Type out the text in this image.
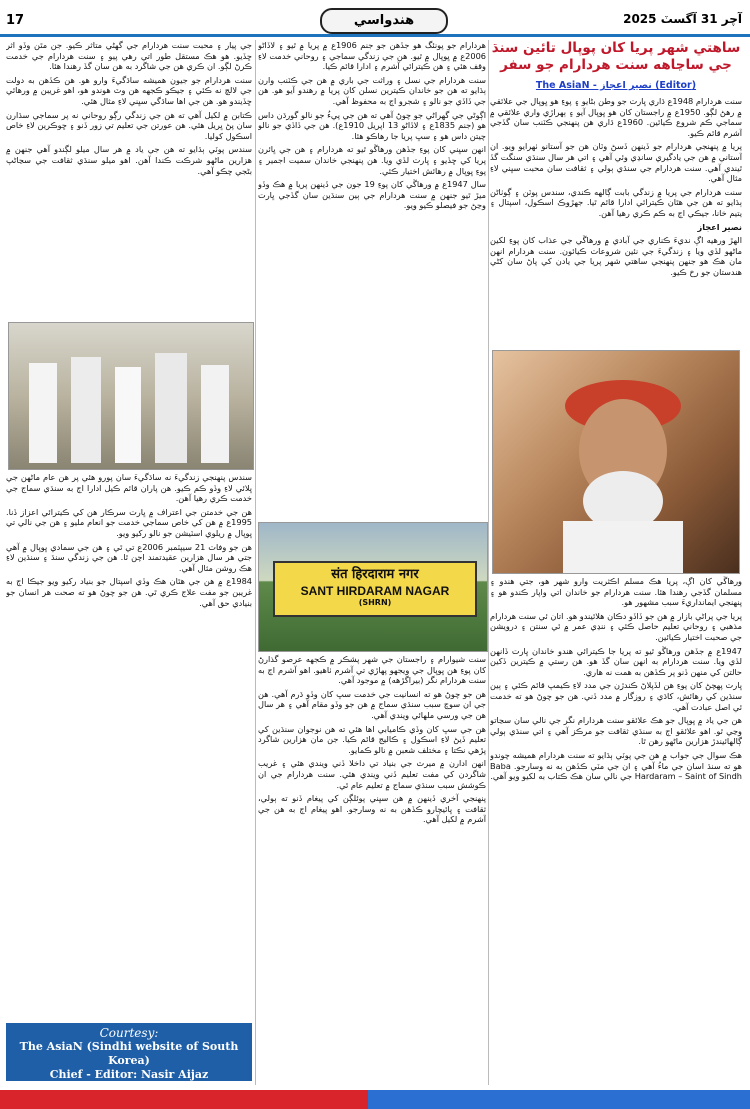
17	هندواسي	آچر 31 آگسٽ 2025
ساهتي شهر پريا کان پوپال تائين سنڌ جي ساڃاهه سنت هردارام جو سفر
(Editor) نصير اعجاز - The AsiaN

سنت هردارام 1948ع ڌاري ڀارت جو وطن بڻايو ۽ پوءِ هو ڀوپال جي علائقي ۾ رهڻ لڳو. 1950ع ۾ راجستان کان هو ڀوپال آيو ۽ ٻهراڙي واري علائقي ۾ سماجي ڪم شروع ڪيائين. 1960ع ڌاري هن پنهنجي ڪٽنب سان گڏجي آشرم قائم ڪيو.

پريا ۾ پنهنجي هردارام جو ڏينهن ڏسڻ وٽان هن جو آستانو ٺهرايو ويو. ان آستاني ۾ هن جي يادگيري سانڍي وئي آهي ۽ اتي هر سال سنڌي سنگت گڏ ٿيندي آهي. سنت هردارام جي سنڌي ٻولي ۽ ثقافت سان محبت سڀني لاءِ مثال آهي.

سنت هردارام جي پريا ۾ زندگي بابت ڳالهه ڪندي، سندس پوٽن ۽ ڳوٺاڻن ٻڌايو ته هن جي هٿان ڪيترائي ادارا قائم ٿيا. جهڙوڪ اسڪول، اسپتال ۽ يتيم خانا، جيڪي اڄ به ڪم ڪري رهيا آهن.

نصير اعجاز

الهڙ ورهيه اڳ نديءَ ڪناري جي آبادي ۾ ورهاڱي جي عذاب کان پوءِ لکين ماڻهو لڏي ويا ۽ زندگيءَ جي نئين شروعات ڪيائون. سنت هردارام انهن مان هڪ هو جنهن پنهنجي ساهتي شهر پريا جي يادن کي پاڻ سان کڻي هندستان جو رخ ڪيو.

ورهاڱي کان اڳ، پريا هڪ مسلم اڪثريت وارو شهر هو، جتي هندو ۽ مسلمان گڏجي رهندا هئا. سنت هردارام جو خاندان اتي واپار ڪندو هو ۽ پنهنجي ايمانداريءَ سبب مشهور هو.

پريا جي پراڻي بازار ۾ هن جو ڏاڏو دڪان هلائيندو هو. اتان ئي سنت هردارام مذهبي ۽ روحاني تعليم حاصل ڪئي ۽ ننڍي عمر ۾ ئي سنتن ۽ درويشن جي صحبت اختيار ڪيائين.

1947ع ۾ جڏهن ورهاڱو ٿيو ته پريا جا ڪيترائي هندو خاندان ڀارت ڏانهن لڏي ويا. سنت هردارام به انهن سان گڏ هو. هن رستي ۾ ڪيترين ڏکين حالتن کي منهن ڏنو پر ڪڏهن به همت نه هاري.

ڀارت پهچڻ کان پوءِ هن لڏپلاڻ ڪندڙن جي مدد لاءِ ڪيمپ قائم ڪئي ۽ ٻين سنڌين کي رهائش، کاڌي ۽ روزگار ۾ مدد ڏني. هن جو چوڻ هو ته خدمت ئي اصل عبادت آهي.

هن جي ياد ۾ ڀوپال جو هڪ علائقو سنت هردارام نگر جي نالي سان سڃاتو وڃي ٿو. اهو علائقو اڄ به سنڌي ثقافت جو مرڪز آهي ۽ اتي سنڌي ٻولي ڳالهائيندڙ هزارين ماڻهو رهن ٿا.

هڪ سوال جي جواب ۾ هن جي پوٽي ٻڌايو ته سنت هردارام هميشه چوندو هو ته سنڌ اسان جي ماءُ آهي ۽ ان جي مٽي ڪڏهن به نه وسارجو. Baba Hardaram – Saint of Sindh جي نالي سان هڪ ڪتاب به لکيو ويو آهي.

هردارام جو پونئگ هو جڏهن جو جنم 1906ع ۾ پريا ۾ ٿيو ۽ لاڏاڻو 2006ع ۾ ڀوپال ۾ ٿيو. هن جي زندگي سماجي ۽ روحاني خدمت لاءِ وقف هئي ۽ هن ڪيترائي آشرم ۽ ادارا قائم ڪيا.

سنت هردارام جي نسل ۽ وراثت جي باري ۾ هن جي ڪٽنب وارن ٻڌايو ته هن جو خاندان ڪيترين نسلن کان پريا ۾ رهندو آيو هو. هن جي ڏاڏي جو نالو ۽ شجرو اڄ به محفوظ آهي.

اڳوڻي جي گهراڻي جو چوڻ آهي ته هن جي پيءُ جو نالو گورڌن داس هو (جنم 1835ع ۽ لاڏاڻو 13 اپريل 1910ع). هن جي ڏاڏي جو نالو چيتن داس هو ۽ سڀ پريا جا رهاڪو هئا.

انهن سڀني کان پوءِ جڏهن ورهاڱو ٿيو ته هردارام ۽ هن جي ڀائرن پريا کي ڇڏيو ۽ ڀارت لڏي ويا. هن پنهنجي خاندان سميت اجمير ۽ پوءِ ڀوپال ۾ رهائش اختيار ڪئي.

سال 1947ع ۾ ورهاڱي کان پوءِ 19 جون جي ڏينهن پريا ۾ هڪ وڏو ميڙ ٿيو جنهن ۾ سنت هردارام جي ٻين سنڌين سان گڏجي ڀارت وڃڻ جو فيصلو ڪيو ويو.

संत हिरदाराम नगर
SANT HIRDARAM NAGAR
(SHRN)

سنت شيوارام ۽ راجستان جي شهر پشڪر ۾ ڪجهه عرصو گذارڻ کان پوءِ هن ڀوپال جي ويجهو پهاڙي تي آشرم ٺاهيو. اهو آشرم اڄ به سنت هردارام نگر (بيراگڙهه) ۾ موجود آهي.

هن جو چوڻ هو ته انسانيت جي خدمت سڀ کان وڏو ڌرم آهي. هن جي ان سوچ سبب سنڌي سماج ۾ هن جو وڏو مقام آهي ۽ هر سال هن جي ورسي ملهائي ويندي آهي.

هن جي سڀ کان وڏي ڪاميابي اها هئي ته هن نوجوان سنڌين کي تعليم ڏيڻ لاءِ اسڪول ۽ ڪاليج قائم ڪيا. جن مان هزارين شاگرد پڙهي نڪتا ۽ مختلف شعبن ۾ نالو ڪمايو.

انهن ادارن ۾ ميرٽ جي بنياد تي داخلا ڏني ويندي هئي ۽ غريب شاگردن کي مفت تعليم ڏني ويندي هئي. سنت هردارام جي ان ڪوشش سبب سنڌي سماج ۾ تعليم عام ٿي.

پنهنجي آخري ڏينهن ۾ هن سڀني پوئلڳن کي پيغام ڏنو ته ٻولي، ثقافت ۽ ڀائيچارو ڪڏهن به نه وسارجو. اهو پيغام اڄ به هن جي آشرم ۾ لکيل آهي.

جي پيار ۽ محبت سنت هردارام جي گهڻي متاثر ڪيو. جن مٿن وڏو اثر ڇڏيو. هو هڪ مستقل طور اتي رهي پيو ۽ سنت هردارام جي خدمت ڪرڻ لڳو. ان ڪري هن جي شاگرد به هن سان گڏ رهندا هئا.

سنت هردارام جو جيون هميشه ساڌگيءَ وارو هو. هن ڪڏهن به دولت جي لالچ نه ڪئي ۽ جيڪو ڪجهه هن وٽ هوندو هو، اهو غريبن ۾ ورهائي ڇڏيندو هو. هن جي اها ساڌگي سڀني لاءِ مثال هئي.

ڪتابن ۾ لکيل آهي ته هن جي زندگي رڳو روحاني نه پر سماجي سڌارن سان پڻ ڀريل هئي. هن عورتن جي تعليم تي زور ڏنو ۽ ڇوڪرين لاءِ خاص اسڪول کوليا.

سندس پوٽي ٻڌايو ته هن جي ياد ۾ هر سال ميلو لڳندو آهي جنهن ۾ هزارين ماڻهو شرڪت ڪندا آهن. اهو ميلو سنڌي ثقافت جي سڃاڻپ بڻجي چڪو آهي.

سندس پنهنجي زندگيءَ نه ساڌگيءَ سان پورو هئي پر هن عام ماڻهن جي ڀلائي لاءِ وڏو ڪم ڪيو. هن پاران قائم ڪيل ادارا اڄ به سنڌي سماج جي خدمت ڪري رهيا آهن.

هن جي خدمتن جي اعتراف ۾ ڀارت سرڪار هن کي ڪيترائي اعزاز ڏنا. 1995ع ۾ هن کي خاص سماجي خدمت جو انعام مليو ۽ هن جي نالي تي ڀوپال ۾ ريلوي اسٽيشن جو نالو رکيو ويو.

هن جو وفات 21 سيپٽمبر 2006ع تي ٿي ۽ هن جي سمادي ڀوپال ۾ آهي جتي هر سال هزارين عقيدتمند اچن ٿا. هن جي زندگي سنڌ ۽ سنڌين لاءِ هڪ روشن مثال آهي.

1984ع ۾ هن جي هٿان هڪ وڏي اسپتال جو بنياد رکيو ويو جيڪا اڄ به غريبن جو مفت علاج ڪري ٿي. هن جو چوڻ هو ته صحت هر انسان جو بنيادي حق آهي.

Courtesy:
The AsiaN (Sindhi website of South Korea)
Chief - Editor: Nasir Aijaz
